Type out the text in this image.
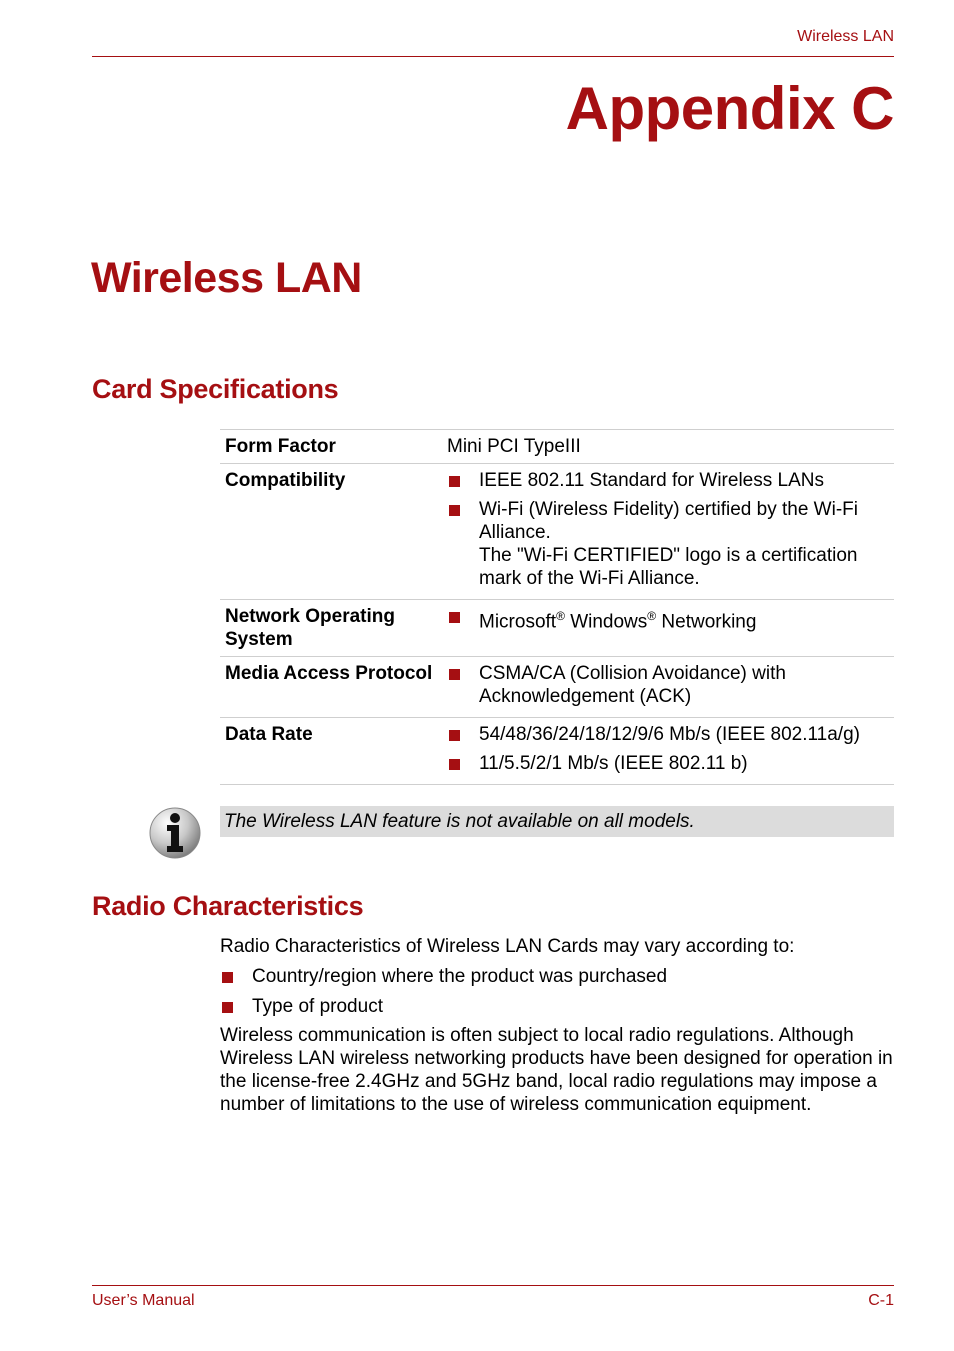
Wireless LAN
Appendix C
Wireless LAN
Card Specifications
Form Factor	Mini PCI TypeIII

Compatibility	IEEE 802.11 Standard for Wireless LANs
Wi-Fi (Wireless Fidelity) certified by the Wi-Fi Alliance.
The "Wi-Fi CERTIFIED" logo is a certification mark of the Wi-Fi Alliance.

Network Operating System	Microsoft® Windows® Networking

Media Access Protocol	CSMA/CA (Collision Avoidance) with Acknowledgement (ACK)

Data Rate	54/48/36/24/18/12/9/6 Mb/s (IEEE 802.11a/g)
11/5.5/2/1 Mb/s (IEEE 802.11 b)
The Wireless LAN feature is not available on all models.
Radio Characteristics
Radio Characteristics of Wireless LAN Cards may vary according to:
Country/region where the product was purchased
Type of product
Wireless communication is often subject to local radio regulations. Although Wireless LAN wireless networking products have been designed for operation in the license-free 2.4GHz and 5GHz band, local radio regulations may impose a number of limitations to the use of wireless communication equipment.
User’s Manual	C-1
